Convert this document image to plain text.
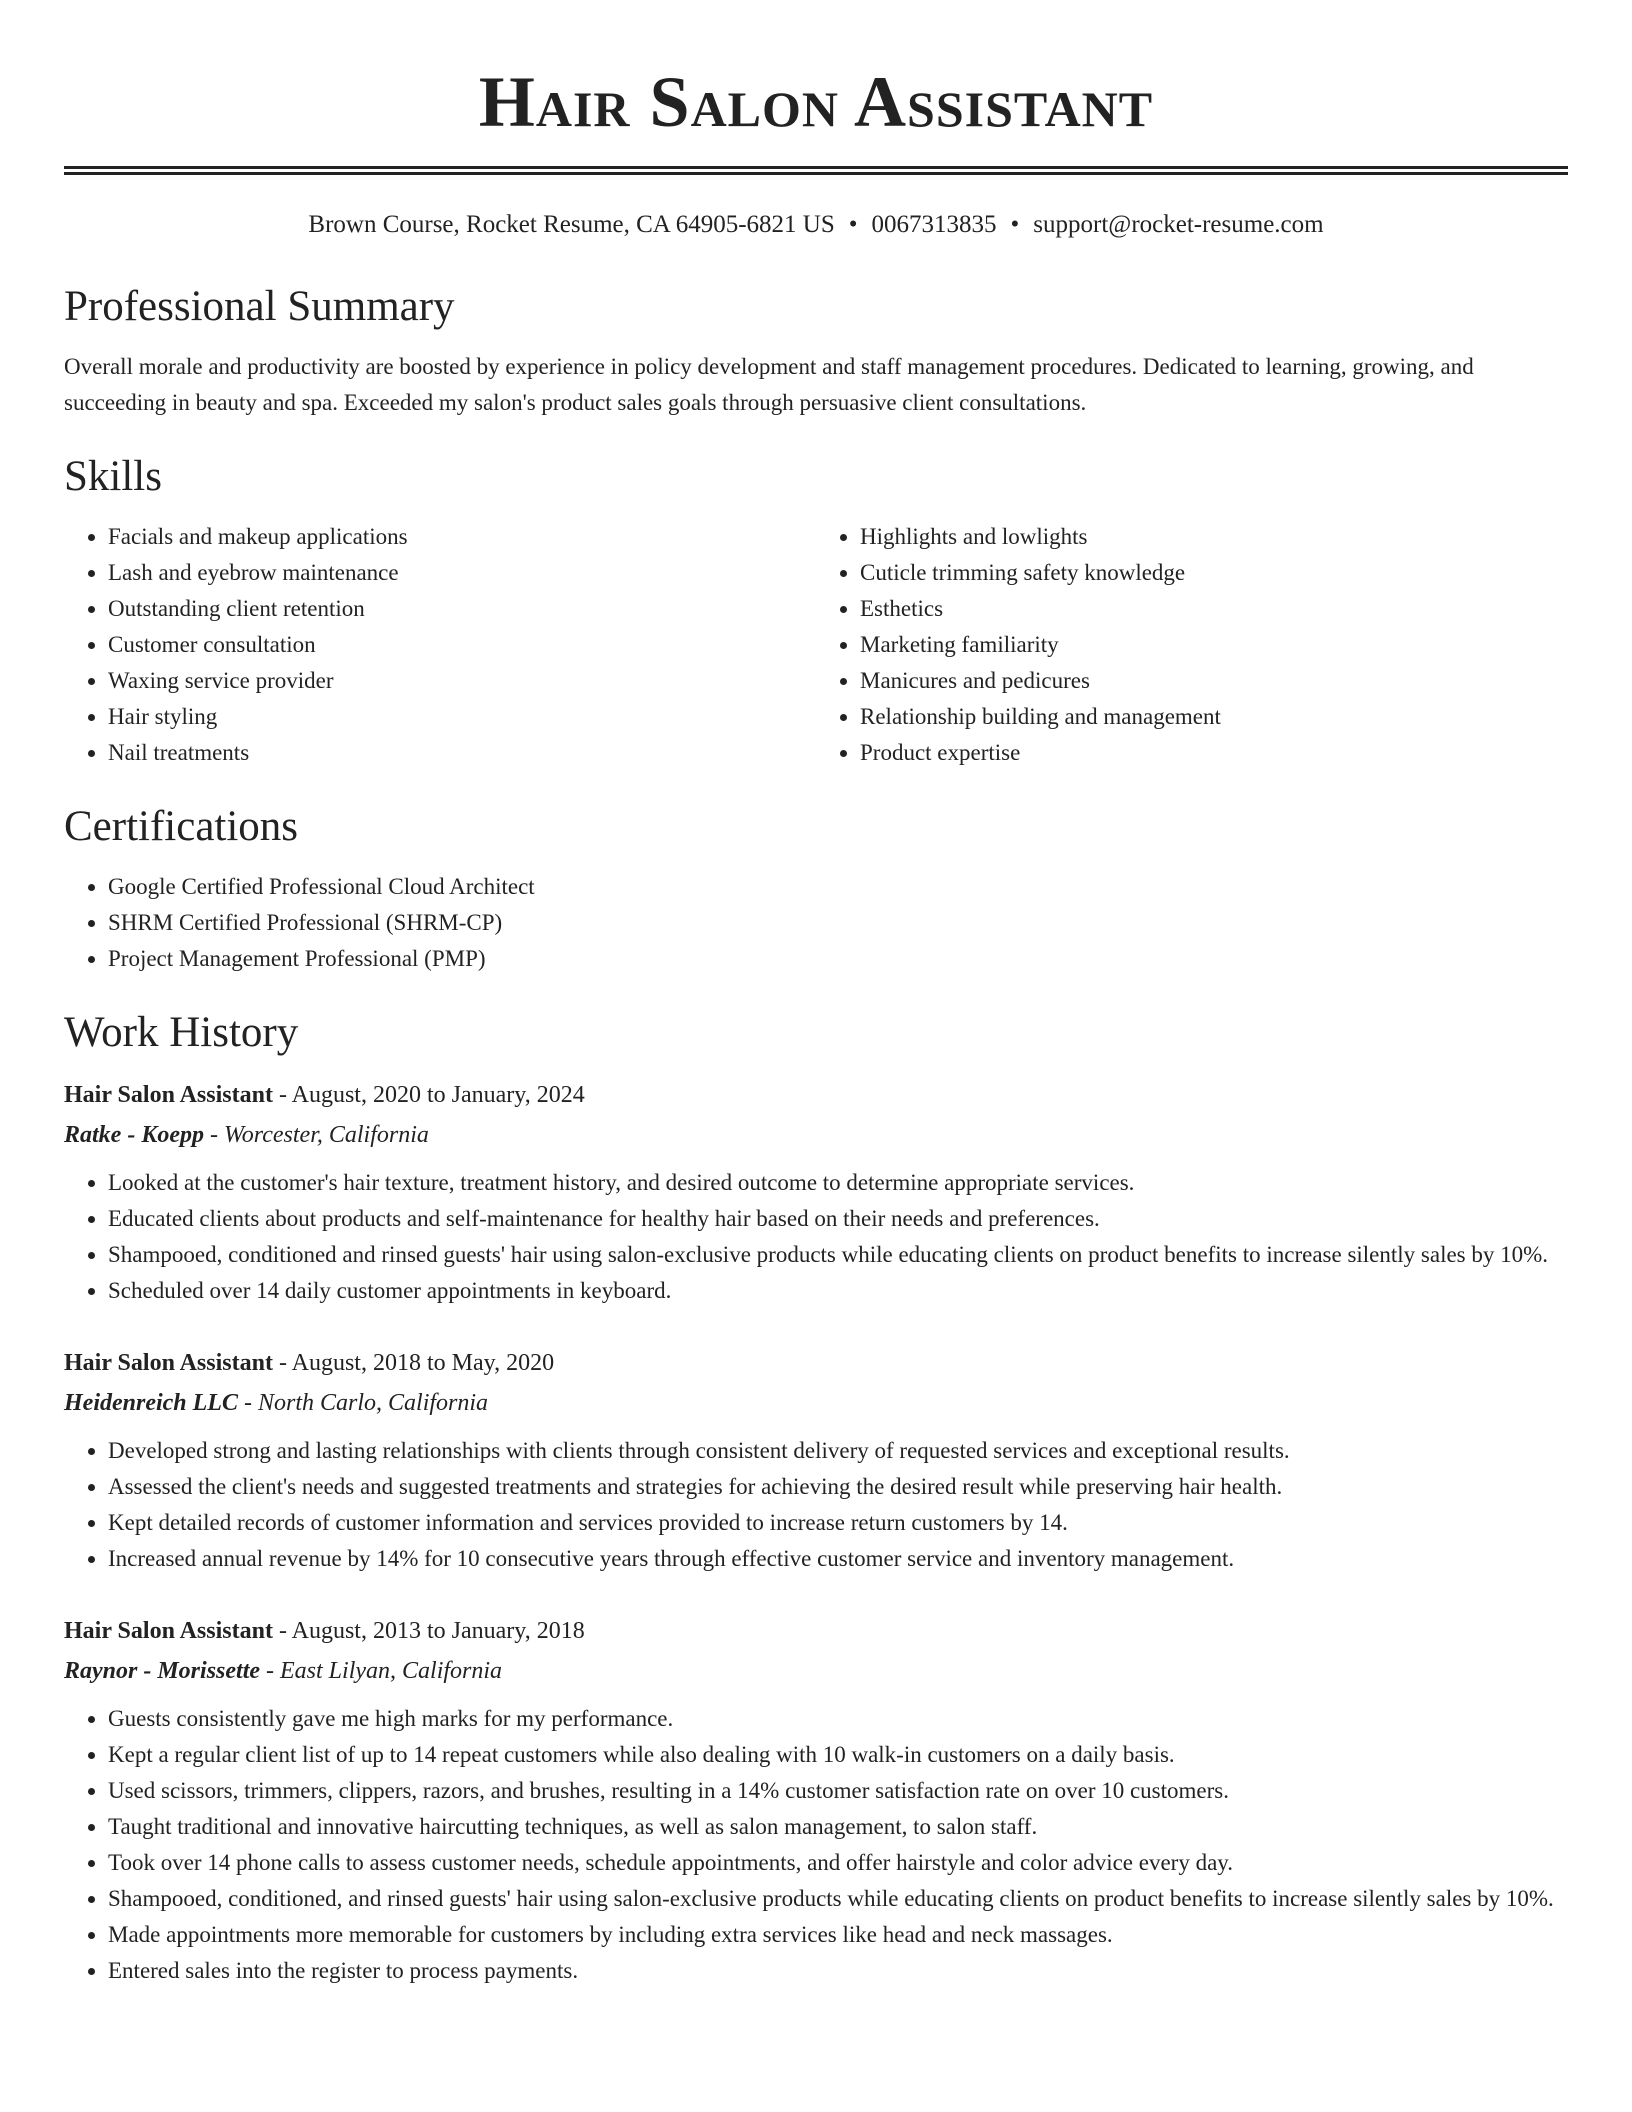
Hair Salon Assistant
Brown Course, Rocket Resume, CA 64905-6821 US • 0067313835 • support@rocket-resume.com
Professional Summary

Overall morale and productivity are boosted by experience in policy development and staff management procedures. Dedicated to learning, growing, and succeeding in beauty and spa. Exceeded my salon's product sales goals through persuasive client consultations.

Skills
• Facials and makeup applications
• Lash and eyebrow maintenance
• Outstanding client retention
• Customer consultation
• Waxing service provider
• Hair styling
• Nail treatments
• Highlights and lowlights
• Cuticle trimming safety knowledge
• Esthetics
• Marketing familiarity
• Manicures and pedicures
• Relationship building and management
• Product expertise
Certifications
• Google Certified Professional Cloud Architect
• SHRM Certified Professional (SHRM-CP)
• Project Management Professional (PMP)
Work History
Hair Salon Assistant - August, 2020 to January, 2024
Ratke - Koepp - Worcester, California
• Looked at the customer's hair texture, treatment history, and desired outcome to determine appropriate services.
• Educated clients about products and self-maintenance for healthy hair based on their needs and preferences.
• Shampooed, conditioned and rinsed guests' hair using salon-exclusive products while educating clients on product benefits to increase silently sales by 10%.
• Scheduled over 14 daily customer appointments in keyboard.
Hair Salon Assistant - August, 2018 to May, 2020
Heidenreich LLC - North Carlo, California
• Developed strong and lasting relationships with clients through consistent delivery of requested services and exceptional results.
• Assessed the client's needs and suggested treatments and strategies for achieving the desired result while preserving hair health.
• Kept detailed records of customer information and services provided to increase return customers by 14.
• Increased annual revenue by 14% for 10 consecutive years through effective customer service and inventory management.
Hair Salon Assistant - August, 2013 to January, 2018
Raynor - Morissette - East Lilyan, California
• Guests consistently gave me high marks for my performance.
• Kept a regular client list of up to 14 repeat customers while also dealing with 10 walk-in customers on a daily basis.
• Used scissors, trimmers, clippers, razors, and brushes, resulting in a 14% customer satisfaction rate on over 10 customers.
• Taught traditional and innovative haircutting techniques, as well as salon management, to salon staff.
• Took over 14 phone calls to assess customer needs, schedule appointments, and offer hairstyle and color advice every day.
• Shampooed, conditioned, and rinsed guests' hair using salon-exclusive products while educating clients on product benefits to increase silently sales by 10%.
• Made appointments more memorable for customers by including extra services like head and neck massages.
• Entered sales into the register to process payments.
